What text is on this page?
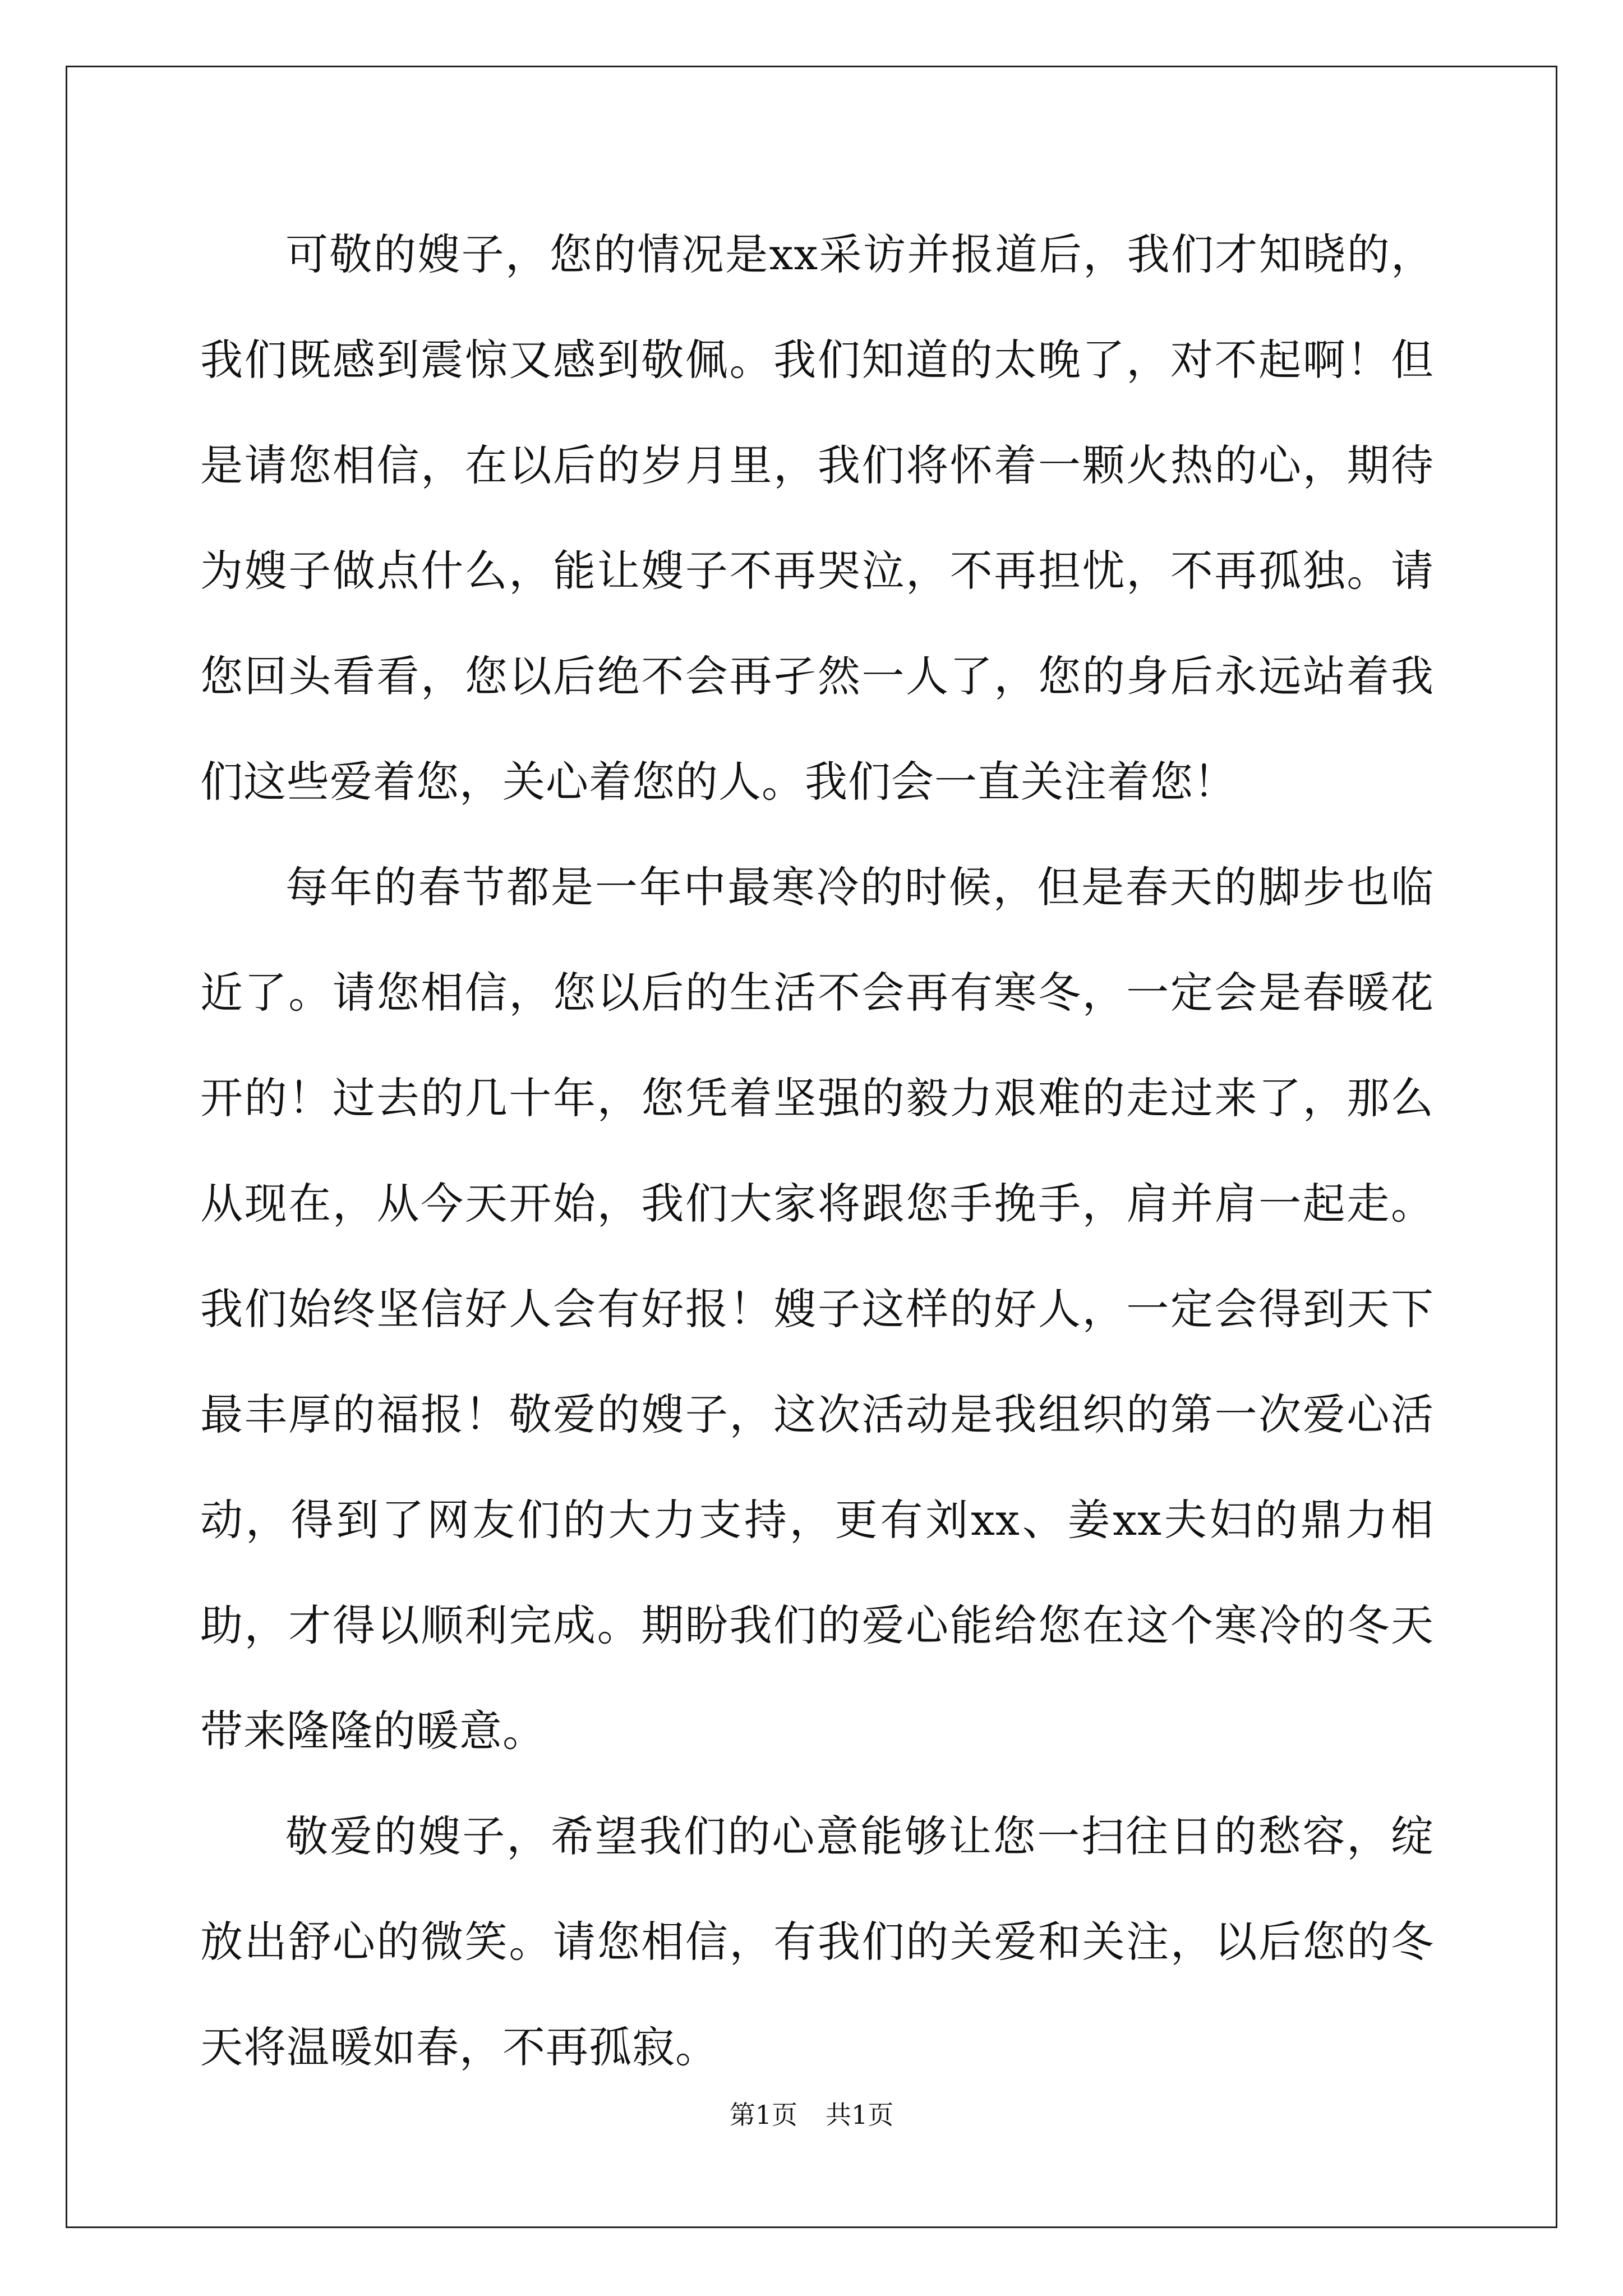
可敬的嫂子，您的情况是xx采访并报道后，我们才知晓的，我们既感到震惊又感到敬佩。我们知道的太晚了，对不起啊！但是请您相信，在以后的岁月里，我们将怀着一颗火热的心，期待为嫂子做点什么，能让嫂子不再哭泣，不再担忧，不再孤独。请您回头看看，您以后绝不会再孑然一人了，您的身后永远站着我们这些爱着您，关心着您的人。我们会一直关注着您！

每年的春节都是一年中最寒冷的时候，但是春天的脚步也临近了。请您相信，您以后的生活不会再有寒冬，一定会是春暖花开的！过去的几十年，您凭着坚强的毅力艰难的走过来了，那么从现在，从今天开始，我们大家将跟您手挽手，肩并肩一起走。我们始终坚信好人会有好报！嫂子这样的好人，一定会得到天下最丰厚的福报！敬爱的嫂子，这次活动是我组织的第一次爱心活动，得到了网友们的大力支持，更有刘xx、姜xx夫妇的鼎力相助，才得以顺利完成。期盼我们的爱心能给您在这个寒冷的冬天带来隆隆的暖意。

敬爱的嫂子，希望我们的心意能够让您一扫往日的愁容，绽放出舒心的微笑。请您相信，有我们的关爱和关注，以后您的冬天将温暖如春，不再孤寂。

第1页 共1页
